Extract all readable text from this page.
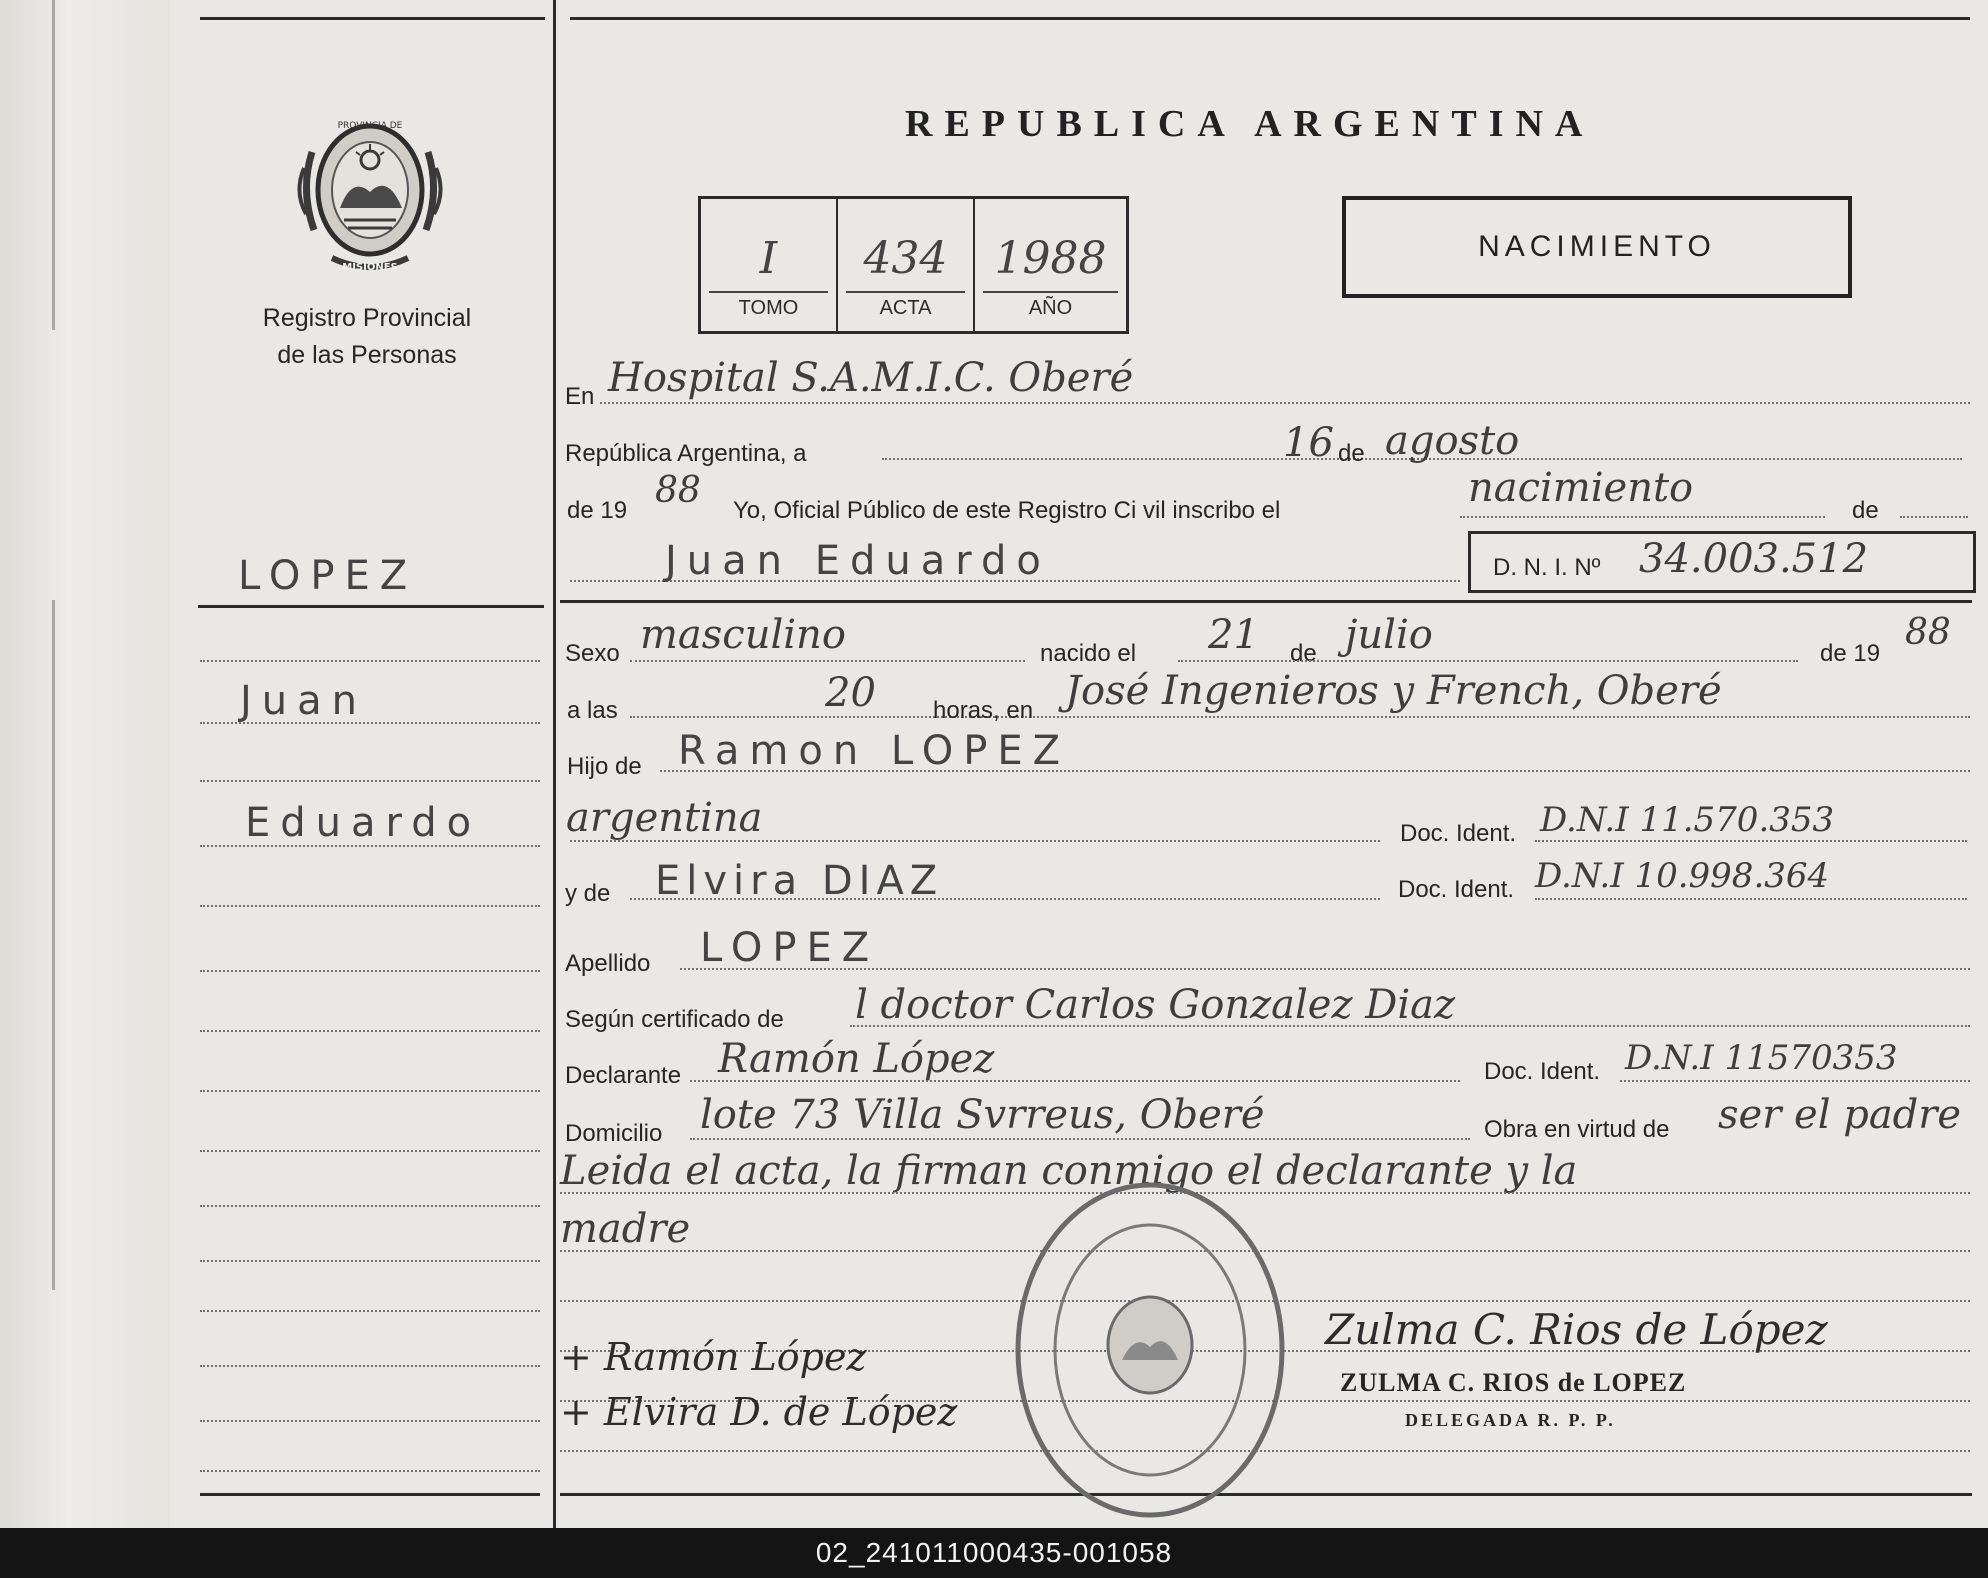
MISIONES
PROVINCIA DE
Registro Provincial
de las Personas
REPUBLICA ARGENTINA
I
TOMO
434
ACTA
1988
AÑO
NACIMIENTO
LOPEZ
Juan
Eduardo
En Hospital S.A.M.I.C. Oberé
República Argentina, a	16 de agosto
de 19 88 Yo, Oficial Público de este Registro Ci vil inscribo el	nacimiento	de
Juan Eduardo	D. N. I. Nº 34.003.512
Sexo masculino	nacido el 21 de julio	de 19
88
a las	20 horas, en José Ingenieros y French, Oberé
Hijo de Ramon LOPEZ
argentina	Doc. Ident. D.N.I 11.570.353
y de Elvira DIAZ	Doc. Ident. D.N.I 10.998.364
Apellido LOPEZ
Según certificado de l doctor Carlos Gonzalez Diaz
Declarante Ramón López	Doc. Ident. D.N.I 11570353
Domicilio lote 73 Villa Svrreus, Oberé	Obra en virtud de ser el padre
Leida el acta, la firman conmigo el declarante y la
madre
+ Ramón López
+ Elvira D. de López
Zulma C. Rios de López
ZULMA C. RIOS de LOPEZ
DELEGADA R. P. P.
02_241011000435-001058
